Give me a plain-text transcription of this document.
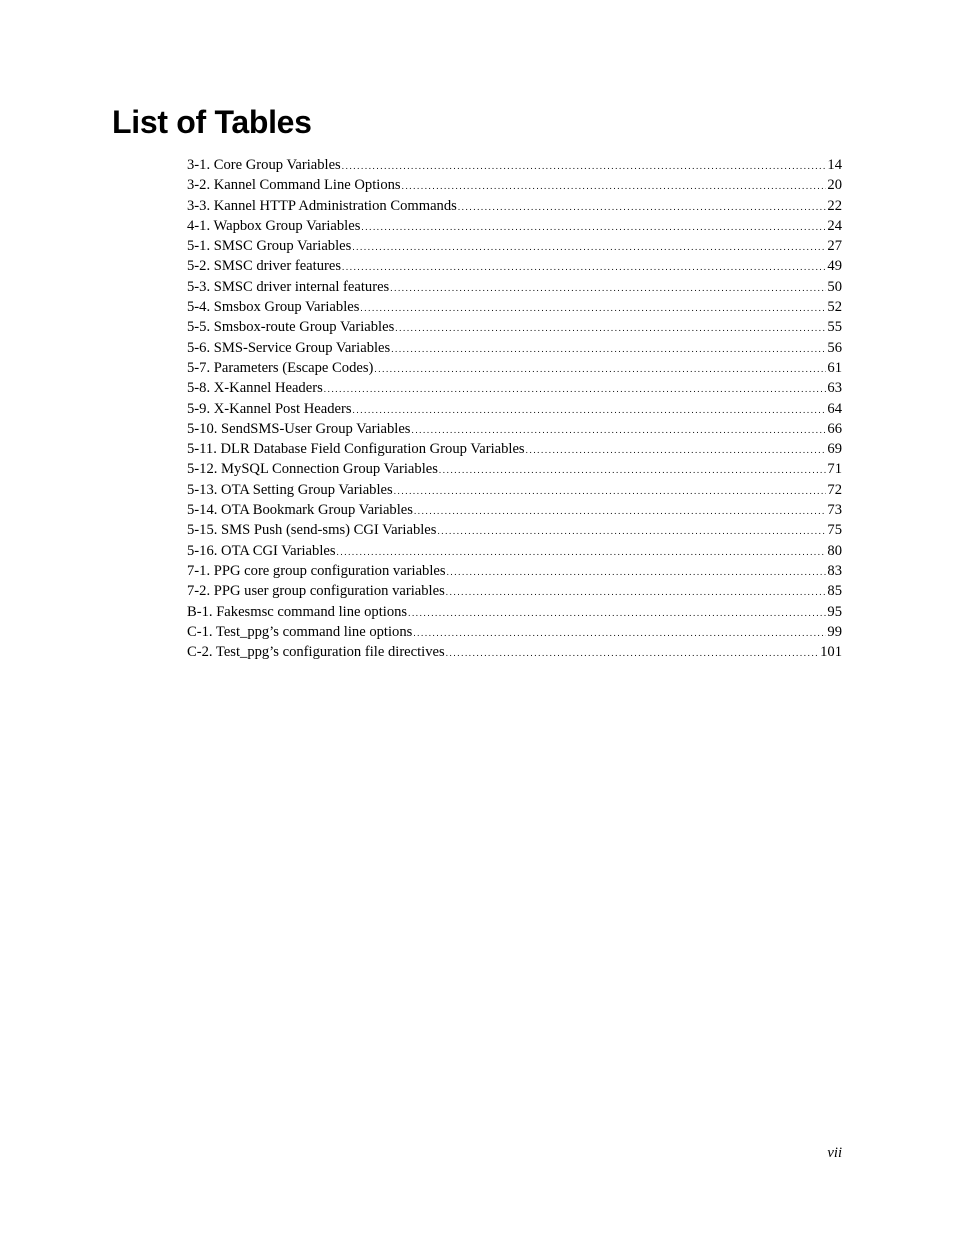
List of Tables
3-1. Core Group Variables .....	14
3-2. Kannel Command Line Options .....	20
3-3. Kannel HTTP Administration Commands .....	22
4-1. Wapbox Group Variables .....	24
5-1. SMSC Group Variables .....	27
5-2. SMSC driver features .....	49
5-3. SMSC driver internal features .....	50
5-4. Smsbox Group Variables .....	52
5-5. Smsbox-route Group Variables .....	55
5-6. SMS-Service Group Variables .....	56
5-7. Parameters (Escape Codes) .....	61
5-8. X-Kannel Headers .....	63
5-9. X-Kannel Post Headers .....	64
5-10. SendSMS-User Group Variables .....	66
5-11. DLR Database Field Configuration Group Variables .....	69
5-12. MySQL Connection Group Variables .....	71
5-13. OTA Setting Group Variables .....	72
5-14. OTA Bookmark Group Variables .....	73
5-15. SMS Push (send-sms) CGI Variables .....	75
5-16. OTA CGI Variables .....	80
7-1. PPG core group configuration variables .....	83
7-2. PPG user group configuration variables .....	85
B-1. Fakesmsc command line options .....	95
C-1. Test_ppg’s command line options .....	99
C-2. Test_ppg’s configuration file directives .....	101

vii
